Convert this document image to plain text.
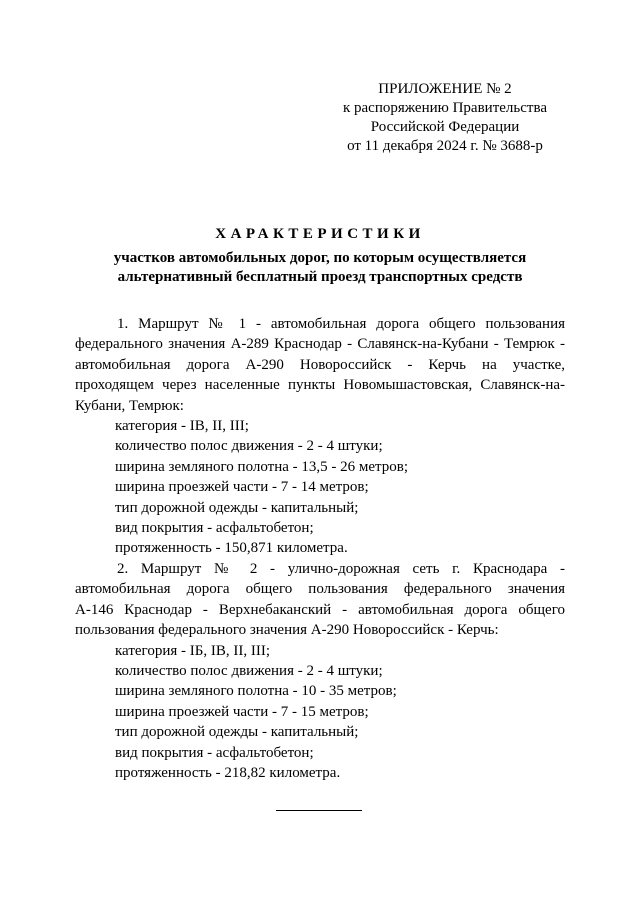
ПРИЛОЖЕНИЕ № 2
к распоряжению Правительства
Российской Федерации
от 11 декабря 2024 г. № 3688-р
ХАРАКТЕРИСТИКИ
участков автомобильных дорог, по которым осуществляется
альтернативный бесплатный проезд транспортных средств
1. Маршрут № 1 - автомобильная дорога общего пользования
федерального значения А-289 Краснодар - Славянск-на-Кубани - Темрюк -
автомобильная дорога А-290 Новороссийск - Керчь на участке,
проходящем через населенные пункты Новомышастовская, Славянск-на-
Кубани, Темрюк:
категория - IB, II, III;
количество полос движения - 2 - 4 штуки;
ширина земляного полотна - 13,5 - 26 метров;
ширина проезжей части - 7 - 14 метров;
тип дорожной одежды - капитальный;
вид покрытия - асфальтобетон;
протяженность - 150,871 километра.
2. Маршрут № 2 - улично-дорожная сеть г. Краснодара -
автомобильная дорога общего пользования федерального значения
А-146 Краснодар - Верхнебаканский - автомобильная дорога общего
пользования федерального значения А-290 Новороссийск - Керчь:
категория - IБ, IB, II, III;
количество полос движения - 2 - 4 штуки;
ширина земляного полотна - 10 - 35 метров;
ширина проезжей части - 7 - 15 метров;
тип дорожной одежды - капитальный;
вид покрытия - асфальтобетон;
протяженность - 218,82 километра.
